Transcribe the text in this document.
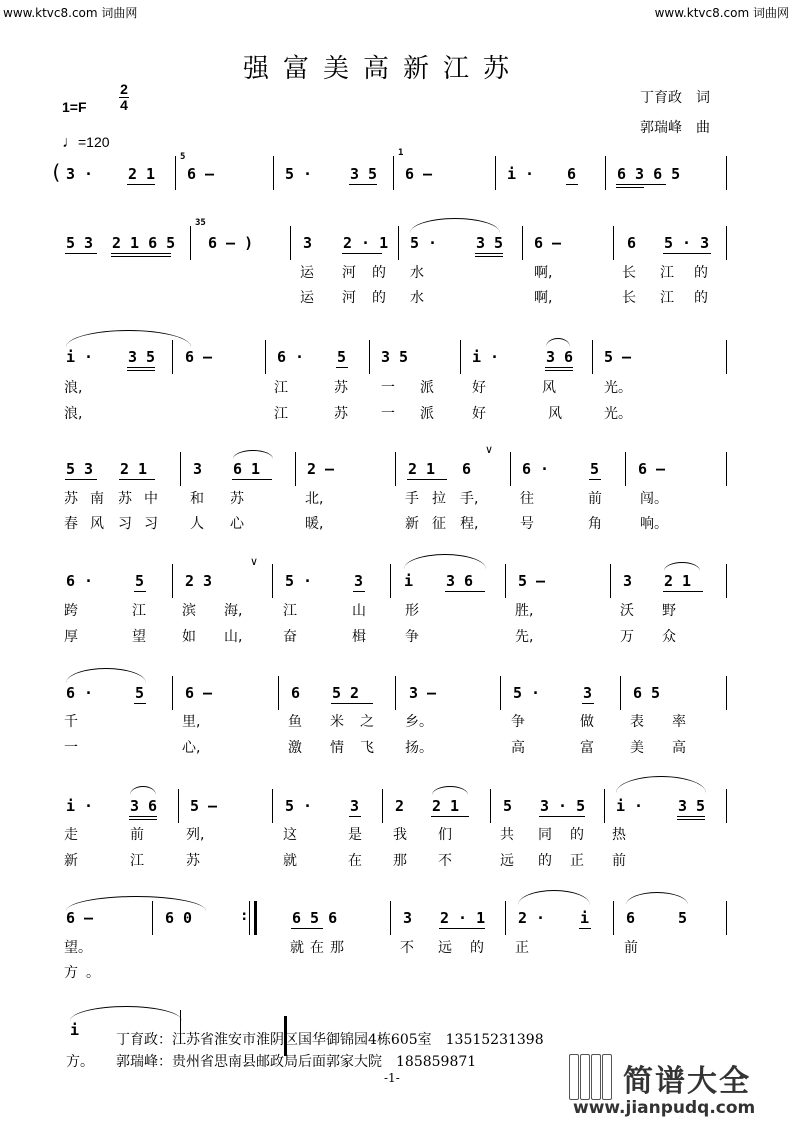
www.ktvc8.com 词曲网	www.ktvc8.com 词曲网
强富美高新江苏
丁育政　词
郭瑞峰　曲
1=F
2
4
♩=120
( 3 · 2 1
5
6 –	5 ·	3 5
1
6 –	i · 6	6 3 6 5
5 3 2 1 6 5
35
6 – )	3 2 · 1 5 ·	3 5 6 –	6 5 · 3
运 河 的 水	啊,	长 江 的
运 河 的 水	啊,	长 江 的
i · 3 5 6 –	6 · 5 3 5	i ·	3 6 5 –
浪,	江	苏 一 派	好	风	光。
浪,	江	苏 一 派	好	风	光。
5 3 2 1	3 6 1	2 –	2 1 6
∨
6 ·	5	6 –
苏 南 苏 中 和 苏	北,	手 拉 手,	往	前	闯。
春 风 习 习 人 心	暖,	新 征 程,	号	角	响。
6 ·	5	2 3
∨
5 ·	3	i 3 6	5 –	3 2 1
跨	江	滨 海,	江	山	形	胜,	沃 野
厚	望	如 山,	奋	楫	争	先,	万 众
6 ·	5	6 –	6 5 2	3 –	5 ·	3	6 5
千	里,	鱼 米 之 乡。	争	做	表 率
一	心,	激 情 飞 扬。	高	富	美 高
i · 3 6 5 –	5 ·	3 2 2 1	5 3 · 5 i · 3 5
走	前	列,	这	是 我 们	共 同 的 热
新	江	苏	就	在 那 不	远 的 正 前
6 –	6 0	:	6 5 6	3 2 · 1 2 · i 6	5
望。	就 在 那	不 远 的 正	前
方 。
i
方。
丁育政：江苏省淮安市淮阴区国华御锦园4栋605室　13515231398
郭瑞峰：贵州省思南县邮政局后面郭家大院　185859871
-1-	简谱大全
www.jianpudq.com
